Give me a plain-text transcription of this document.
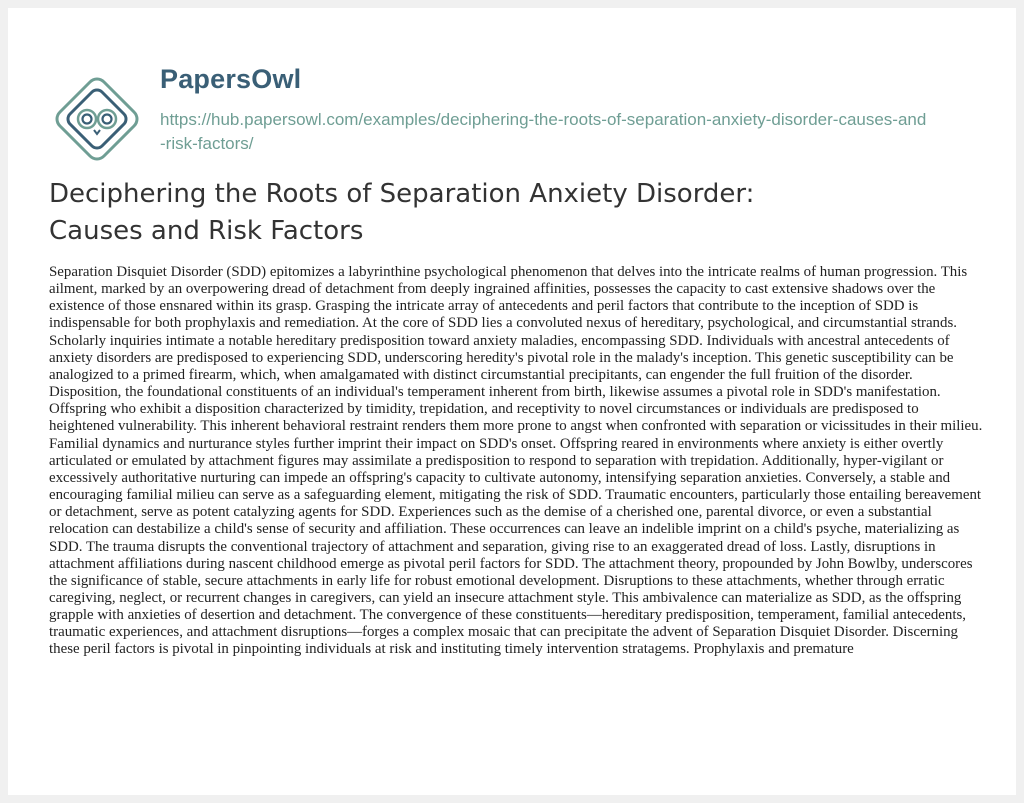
PapersOwl
https://hub.papersowl.com/examples/deciphering-the-roots-of-separation-anxiety-disorder-causes-and-risk-factors/
Deciphering the Roots of Separation Anxiety Disorder: Causes and Risk Factors

Separation Disquiet Disorder (SDD) epitomizes a labyrinthine psychological phenomenon that delves into the intricate realms of human progression. This ailment, marked by an overpowering dread of detachment from deeply ingrained affinities, possesses the capacity to cast extensive shadows over the existence of those ensnared within its grasp. Grasping the intricate array of antecedents and peril factors that contribute to the inception of SDD is indispensable for both prophylaxis and remediation. At the core of SDD lies a convoluted nexus of hereditary, psychological, and circumstantial strands. Scholarly inquiries intimate a notable hereditary predisposition toward anxiety maladies, encompassing SDD. Individuals with ancestral antecedents of anxiety disorders are predisposed to experiencing SDD, underscoring heredity's pivotal role in the malady's inception. This genetic susceptibility can be analogized to a primed firearm, which, when amalgamated with distinct circumstantial precipitants, can engender the full fruition of the disorder. Disposition, the foundational constituents of an individual's temperament inherent from birth, likewise assumes a pivotal role in SDD's manifestation. Offspring who exhibit a disposition characterized by timidity, trepidation, and receptivity to novel circumstances or individuals are predisposed to heightened vulnerability. This inherent behavioral restraint renders them more prone to angst when confronted with separation or vicissitudes in their milieu. Familial dynamics and nurturance styles further imprint their impact on SDD's onset. Offspring reared in environments where anxiety is either overtly articulated or emulated by attachment figures may assimilate a predisposition to respond to separation with trepidation. Additionally, hyper-vigilant or excessively authoritative nurturing can impede an offspring's capacity to cultivate autonomy, intensifying separation anxieties. Conversely, a stable and encouraging familial milieu can serve as a safeguarding element, mitigating the risk of SDD. Traumatic encounters, particularly those entailing bereavement or detachment, serve as potent catalyzing agents for SDD. Experiences such as the demise of a cherished one, parental divorce, or even a substantial relocation can destabilize a child's sense of security and affiliation. These occurrences can leave an indelible imprint on a child's psyche, materializing as SDD. The trauma disrupts the conventional trajectory of attachment and separation, giving rise to an exaggerated dread of loss. Lastly, disruptions in attachment affiliations during nascent childhood emerge as pivotal peril factors for SDD. The attachment theory, propounded by John Bowlby, underscores the significance of stable, secure attachments in early life for robust emotional development. Disruptions to these attachments, whether through erratic caregiving, neglect, or recurrent changes in caregivers, can yield an insecure attachment style. This ambivalence can materialize as SDD, as the offspring grapple with anxieties of desertion and detachment. The convergence of these constituents—hereditary predisposition, temperament, familial antecedents, traumatic experiences, and attachment disruptions—forges a complex mosaic that can precipitate the advent of Separation Disquiet Disorder. Discerning these peril factors is pivotal in pinpointing individuals at risk and instituting timely intervention stratagems. Prophylaxis and premature
